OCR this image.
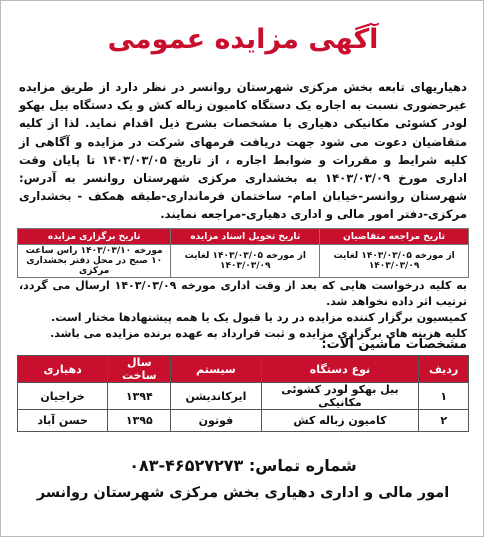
آگهی مزایده عمومی
دهیاریهای تابعه بخش مرکزی شهرستان روانسر در نظر دارد از طریق مزایده غیرحضوری نسبت به اجاره یک دستگاه کامیون زباله کش و یک دستگاه بیل بهکو لودر کشوئی مکانیکی دهیاری با مشخصات بشرح ذیل اقدام نماید. لذا از کلیه متقاضیان دعوت می شود جهت دریافت فرمهای شرکت در مزایده و آگاهی از کلیه شرایط و مقررات و ضوابط اجاره ، از تاریخ ۱۴۰۳/۰۳/۰۵ تا پایان وقت اداری مورخ ۱۴۰۳/۰۳/۰۹ به بخشداری مرکزی شهرستان روانسر به آدرس: شهرستان روانسر-خیابان امام- ساختمان فرمانداری-طبقه همکف - بخشداری مرکزی-دفتر امور مالی و اداری دهیاری-مراجعه نمایند.
تاریخ مراجعه متقاضیان	تاریخ تحویل اسناد مزایده	تاریخ برگزاری مزایده
از مورخه ۱۴۰۳/۰۳/۰۵ لغایت ۱۴۰۳/۰۳/۰۹	از مورخه ۱۴۰۳/۰۳/۰۵ لغایت ۱۴۰۳/۰۳/۰۹	مورخه ۱۴۰۳/۰۳/۱۰ راس ساعت ۱۰ صبح در محل دفتر بخشداری مرکزی

به کلیه درخواست هایی که بعد از وقت اداری مورخه ۱۴۰۳/۰۳/۰۹ ارسال می گردد، ترتیب اثر داده نخواهد شد.

کمیسیون برگزار کننده مزایده در رد یا قبول یک یا همه پیشنهادها مختار است.

کلیه هزینه های برگزاری مزایده و ثبت قرارداد به عهده برنده مزایده می باشد.

مشخصات ماشین آلات:
ردیف	نوع دستگاه	سیستم	سال ساخت	دهیاری
۱	بیل بهکو لودر کشوئی مکانیکی	ایرکاندیشن	۱۳۹۴	خراجیان
۲	کامیون زباله کش	فوتون	۱۳۹۵	حسن آباد
شماره تماس: ۴۶۵۲۷۲۷۳-۰۸۳
امور مالی و اداری دهیاری بخش مرکزی شهرستان روانسر
